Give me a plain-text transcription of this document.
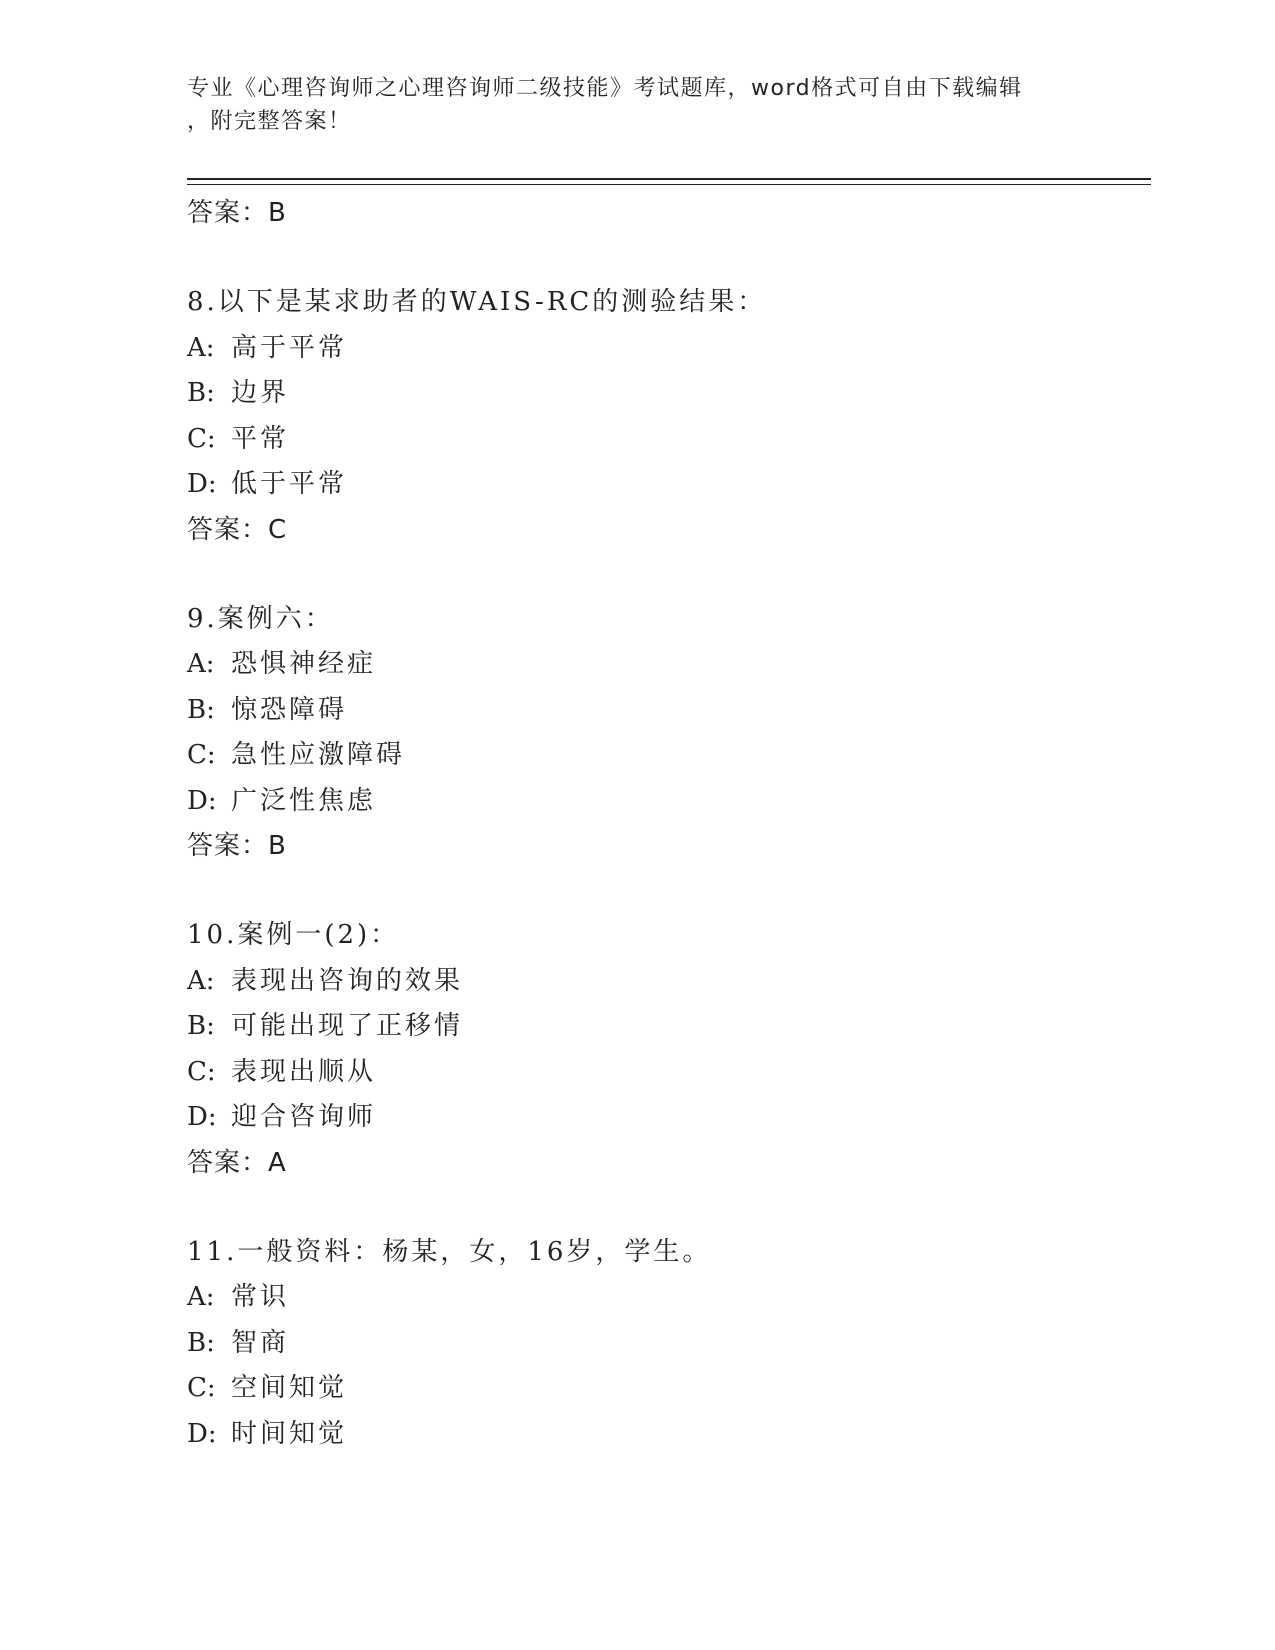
专业《心理咨询师之心理咨询师二级技能》考试题库，word格式可自由下载编辑
，附完整答案！
答案：B
8.以下是某求助者的WAIS-RC的测验结果：
A: 高于平常
B: 边界
C: 平常
D: 低于平常
答案：C
9.案例六：
A: 恐惧神经症
B: 惊恐障碍
C: 急性应激障碍
D: 广泛性焦虑
答案：B
10.案例一(2)：
A: 表现出咨询的效果
B: 可能出现了正移情
C: 表现出顺从
D: 迎合咨询师
答案：A
11.一般资料：杨某，女，16岁，学生。
A: 常识
B: 智商
C: 空间知觉
D: 时间知觉
